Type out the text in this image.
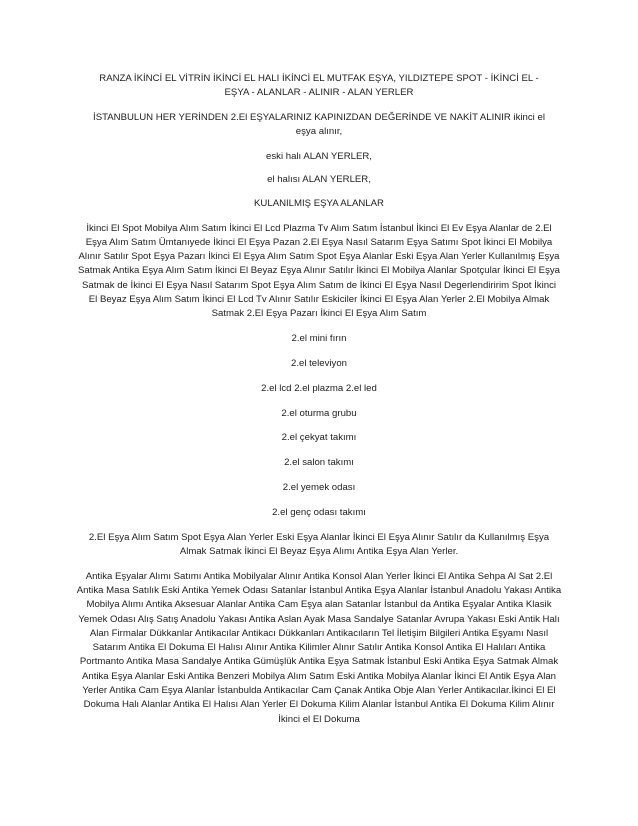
RANZA İKİNCİ EL VİTRİN İKİNCİ EL HALI İKİNCİ EL MUTFAK EŞYA, YILDIZTEPE SPOT - İKİNCİ EL - EŞYA - ALANLAR - ALINIR - ALAN YERLER

İSTANBULUN HER YERİNDEN 2.El EŞYALARINIZ KAPINIZDAN DEĞERİNDE VE NAKİT ALINIR ikinci el eşya alınır,

eski halı ALAN YERLER,

el halısı ALAN YERLER,

KULANILMIŞ EŞYA ALANLAR

İkinci El Spot Mobilya Alım Satım İkinci El Lcd Plazma Tv Alım Satım İstanbul İkinci El Ev Eşya Alanlar de 2.El Eşya Alım Satım Ümtanıyede İkinci El Eşya Pazan 2.El Eşya Nasıl Satarım Eşya Satımı Spot İkinci El Mobilya Alınır Satılır Spot Eşya Pazarı İkinci El Eşya Alım Satım Spot Eşya Alanlar Eski Eşya Alan Yerler Kullanılmış Eşya Satmak Antika Eşya Alım Satım İkinci El Beyaz Eşya Alınır Satılır İkinci El Mobilya Alanlar Spotçular İkinci El Eşya Satmak de İkinci El Eşya Nasıl Satarım Spot Eşya Alım Satım de İkinci El Eşya Nasıl Degerlendiririm Spot İkinci El Beyaz Eşya Alım Satım İkinci El Lcd Tv Alınır Satılır Eskiciler İkinci El Eşya Alan Yerler 2.El Mobilya Almak Satmak 2.El Eşya Pazarı İkinci El Eşya Alım Satım

2.el mini fırın

2.el televiyon

2.el lcd 2.el plazma 2.el led

2.el oturma grubu

2.el çekyat takımı

2.el salon takımı

2.el yemek odası

2.el genç odası takımı

2.El Eşya Alım Satım Spot Eşya Alan Yerler Eski Eşya Alanlar İkinci El Eşya Alınır Satılır da Kullanılmış Eşya Almak Satmak İkinci El Beyaz Eşya Alımı Antika Eşya Alan Yerler.

Antika Eşyalar Alımı Satımı Antika Mobilyalar Alınır Antika Konsol Alan Yerler İkinci El Antika Sehpa Al Sat 2.El Antika Masa Satılık Eski Antika Yemek Odası Satanlar İstanbul Antika Eşya Alanlar İstanbul Anadolu Yakası Antika Mobilya Alımı Antika Aksesuar Alanlar Antika Cam Eşya alan Satanlar İstanbul da Antika Eşyalar Antika Klasik Yemek Odası Alış Satış Anadolu Yakası Antika Aslan Ayak Masa Sandalye Satanlar Avrupa Yakası Eski Antik Halı Alan Firmalar Dükkanlar Antikacılar Antikacı Dükkanları Antikacıların Tel İletişim Bilgileri Antika Eşyamı Nasıl Satarım Antika El Dokuma El Halısı Alınır Antika Kilimler Alınır Satılır Antika Konsol Antika El Halıları Antika Portmanto Antika Masa Sandalye Antika Gümüşlük Antika Eşya Satmak İstanbul Eski Antika Eşya Satmak Almak Antika Eşya Alanlar Eski Antika Benzeri Mobilya Alım Satım Eski Antika Mobilya Alanlar İkinci El Antik Eşya Alan Yerler Antika Cam Eşya Alanlar İstanbulda Antikacılar Cam Çanak Antika Obje Alan Yerler Antikacılar.İkinci El El Dokuma Halı Alanlar Antika El Halısı Alan Yerler El Dokuma Kilim Alanlar İstanbul Antika El Dokuma Kilim Alınır İkinci el El Dokuma
